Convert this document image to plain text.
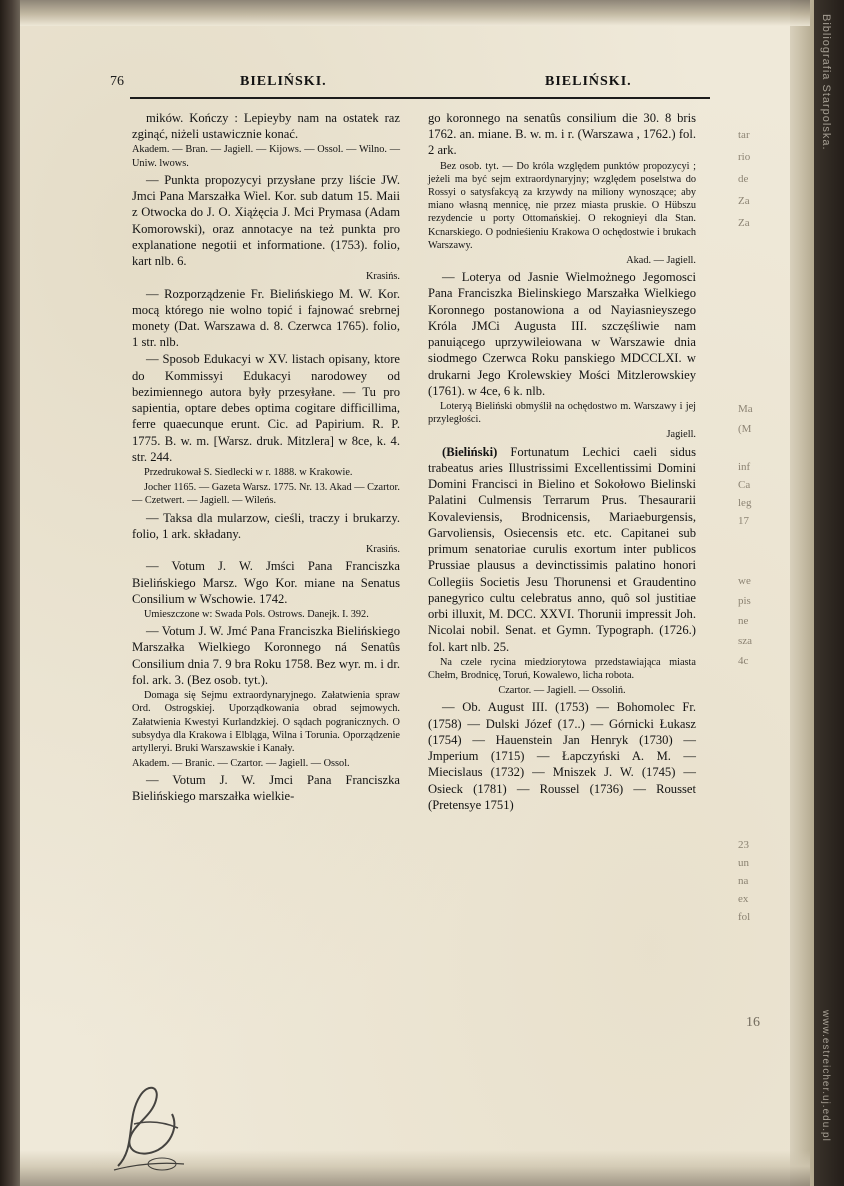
Bibliografia Starpolska.
www.estreicher.uj.edu.pl
76	BIELIŃSKI.	BIELIŃSKI.

mików. Kończy : Lepieyby nam na ostatek raz zginąć, niżeli ustawicznie konać.

Akadem. — Bran. — Jagiell. — Kijows. — Ossol. — Wilno. — Uniw. lwows.

— Punkta propozycyi przysłane przy liście JW. Jmci Pana Marszałka Wiel. Kor. sub datum 15. Maii z Otwocka do J. O. Xiążęcia J. Mci Prymasa (Adam Komorowski), oraz annotacye na też punkta pro explanatione negotii et informatione. (1753). folio, kart nlb. 6.

Krasińs.

— Rozporządzenie Fr. Bielińskiego M. W. Kor. mocą którego nie wolno topić i fajnować srebrnej monety (Dat. Warszawa d. 8. Czerwca 1765). folio, 1 str. nlb.

— Sposob Edukacyi w XV. listach opisany, ktore do Kommissyi Edukacyi narodowey od bezimiennego autora były przesyłane. — Tu pro sapientia, optare debes optima cogitare difficillima, ferre quaecunque erunt. Cic. ad Papirium. R. P. 1775. B. w. m. [Warsz. druk. Mitzlera] w 8ce, k. 4. str. 244.

Przedrukował S. Siedlecki w r. 1888. w Krakowie.

Jocher 1165. — Gazeta Warsz. 1775. Nr. 13. Akad — Czartor. — Czetwert. — Jagiell. — Wileńs.

— Taksa dla mularzow, cieśli, traczy i brukarzy. folio, 1 ark. składany.

Krasińs.

— Votum J. W. Jmści Pana Franciszka Bielińskiego Marsz. Wgo Kor. miane na Senatus Consilium w Wschowie. 1742.

Umieszczone w: Swada Pols. Ostrows. Danejk. I. 392.

— Votum J. W. Jmć Pana Franciszka Bielińskiego Marszałka Wielkiego Koronnego ná Senatûs Consilium dnia 7. 9 bra Roku 1758. Bez wyr. m. i dr. fol. ark. 3. (Bez osob. tyt.).

Domaga się Sejmu extraordynaryjnego. Załatwienia spraw Ord. Ostrogskiej. Uporządkowania obrad sejmowych. Załatwienia Kwestyi Kurlandzkiej. O sądach pogranicznych. O subsydya dla Krakowa i Elbląga, Wilna i Torunia. Oporządzenie artylleryi. Bruki Warszawskie i Kanały.

Akadem. — Branic. — Czartor. — Jagiell. — Ossol.

— Votum J. W. Jmci Pana Franciszka Bielińskiego marszałka wielkie-

go koronnego na senatûs consilium die 30. 8 bris 1762. an. miane. B. w. m. i r. (Warszawa , 1762.) fol. 2 ark.

Bez osob. tyt. — Do króla względem punktów propozycyi ; jeżeli ma być sejm extraordynaryjny; względem poselstwa do Rossyi o satysfakcyą za krzywdy na miliony wynoszące; aby miano własną mennicę, nie przez miasta pruskie. O Hübszu rezydencie u porty Ottomańskiej. O rekognieyi dla Stan. Kcnarskiego. O podnieśieniu Krakowa O ochędostwie i brukach Warszawy.

Akad. — Jagiell.

— Loterya od Jasnie Wielmożnego Jegomosci Pana Franciszka Bielinskiego Marszałka Wielkiego Koronnego postanowiona a od Nayiasnieyszego Króla JMCi Augusta III. szczęśliwie nam panuiącego uprzywileiowana w Warszawie dnia siodmego Czerwca Roku panskiego MDCCLXI. w drukarni Jego Krolewskiey Mości Mitzlerowskiey (1761). w 4ce, 6 k. nlb.

Loteryą Bieliński obmyślił na ochędostwo m. Warszawy i jej przyległości.

Jagiell.

(Bieliński) Fortunatum Lechici caeli sidus trabeatus aries Illustrissimi Excellentissimi Domini Domini Francisci in Bielino et Sokołowo Bielinski Palatini Culmensis Terrarum Prus. Thesaurarii Kovaleviensis, Brodnicensis, Mariaeburgensis, Garvoliensis, Osiecensis etc. etc. Capitanei sub primum senatoriae curulis exortum inter publicos Prussiae plausus a devinctissimis palatino honori Collegiis Societis Jesu Thorunensi et Graudentino panegyrico cultu celebratus anno, quô sol justitiae orbi illuxit, M. DCC. XXVI. Thorunii impressit Joh. Nicolai nobil. Senat. et Gymn. Typograph. (1726.) fol. kart nlb. 25.

Na czele rycina miedziorytowa przedstawiająca miasta Chełm, Brodnicę, Toruń, Kowalewo, licha robota.

Czartor. — Jagiell. — Ossoliń.

— Ob. August III. (1753) –– Bohomolec Fr. (1758) — Dulski Józef (17..) — Górnicki Łukasz (1754) — Hauenstein Jan Henryk (1730) — Jmperium (1715) — Łapczyński A. M. — Miecislaus (1732) — Mniszek J. W. (1745) — Osieck (1781) — Roussel (1736) — Rousset (Pretensye 1751)

tar
rio
de
Za
Za
Ma
(M
inf
Ca
leg
17
we
pis
ne
sza
4c
23
un
na
ex
fol
16
